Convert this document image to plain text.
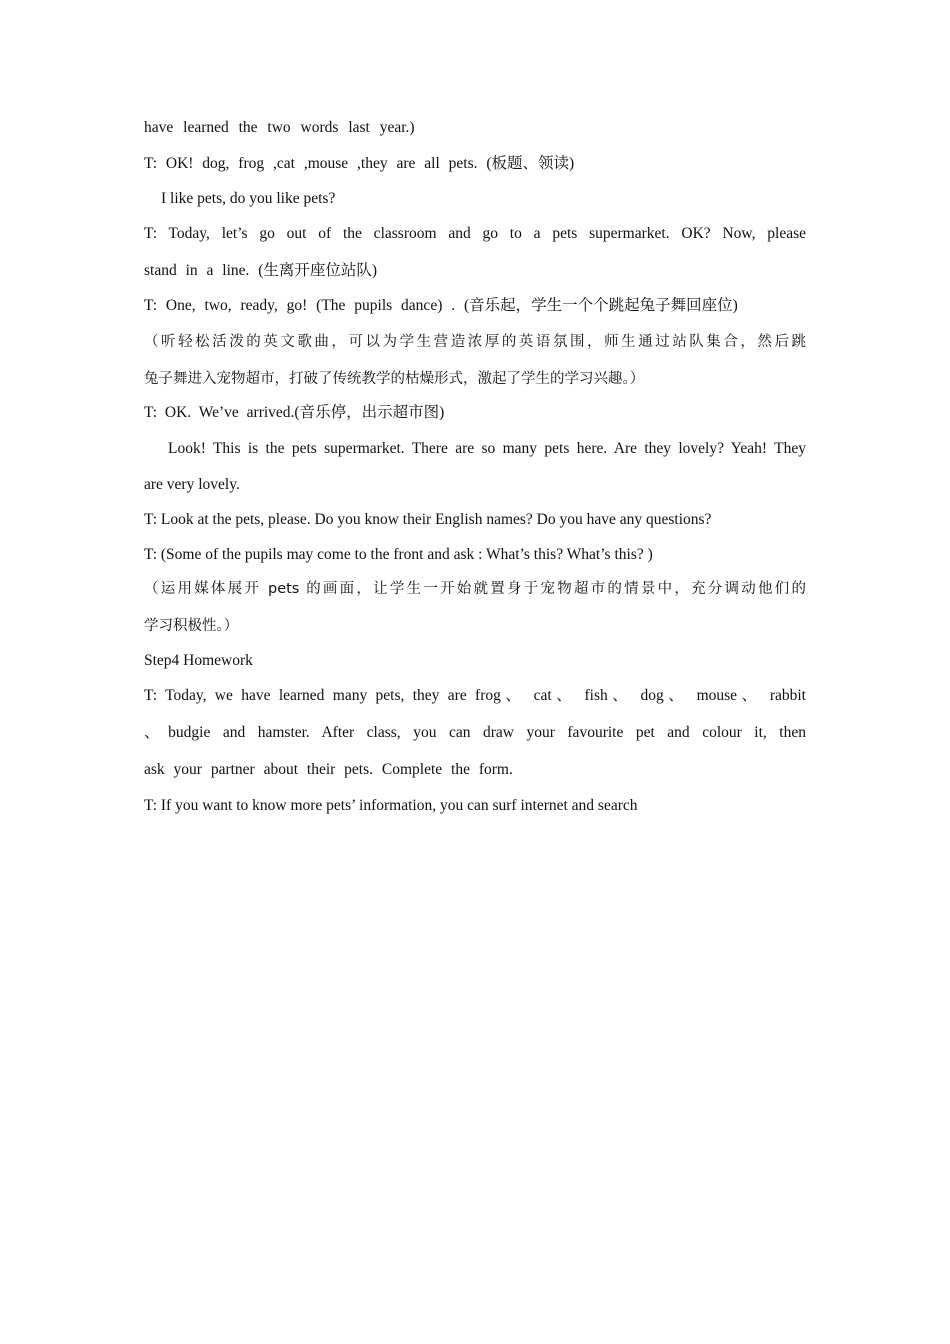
have learned the two words last year.)
T: OK! dog, frog ,cat ,mouse ,they are all pets. (板题、领读)
I like pets, do you like pets?
T: Today, let’s go out of the classroom and go to a pets supermarket. OK? Now, please
stand in a line. (生离开座位站队)
T: One, two, ready, go! (The pupils dance) . (音乐起，学生一个个跳起兔子舞回座位)
（听轻松活泼的英文歌曲，可以为学生营造浓厚的英语氛围，师生通过站队集合，然后跳
兔子舞进入宠物超市，打破了传统教学的枯燥形式，激起了学生的学习兴趣。）
T: OK. We’ve arrived.(音乐停，出示超市图)
Look! This is the pets supermarket. There are so many pets here. Are they lovely? Yeah! They
are very lovely.
T: Look at the pets, please. Do you know their English names? Do you have any questions?
T: (Some of the pupils may come to the front and ask : What’s this? What’s this? )
（运用媒体展开 pets 的画面，让学生一开始就置身于宠物超市的情景中，充分调动他们的
学习积极性。）
Step4 Homework
T: Today, we have learned many pets, they are frog、 cat、 fish、 dog、 mouse、 rabbit
、budgie and hamster. After class, you can draw your favourite pet and colour it, then
ask your partner about their pets. Complete the form.
T: If you want to know more pets’ information, you can surf internet and search
